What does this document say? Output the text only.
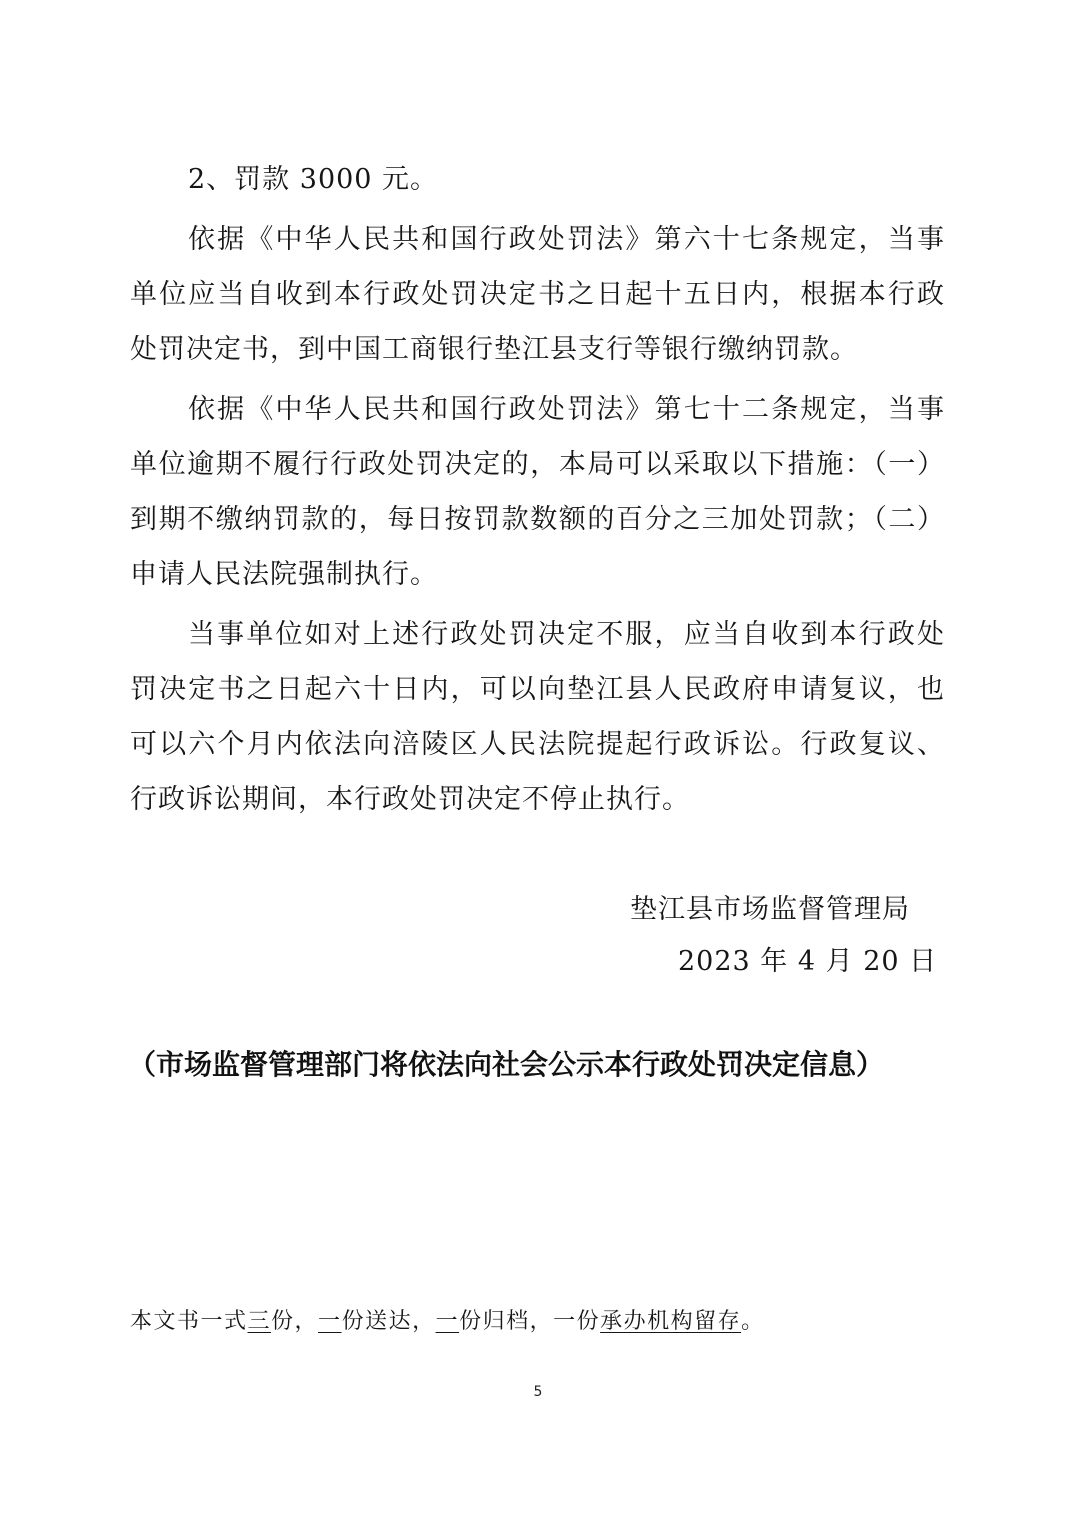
2、罚款 3000 元。
依据《中华人民共和国行政处罚法》第六十七条规定，当事
单位应当自收到本行政处罚决定书之日起十五日内，根据本行政
处罚决定书，到中国工商银行垫江县支行等银行缴纳罚款。
依据《中华人民共和国行政处罚法》第七十二条规定，当事
单位逾期不履行行政处罚决定的，本局可以采取以下措施：（一）
到期不缴纳罚款的，每日按罚款数额的百分之三加处罚款；（二）
申请人民法院强制执行。
当事单位如对上述行政处罚决定不服，应当自收到本行政处
罚决定书之日起六十日内，可以向垫江县人民政府申请复议，也
可以六个月内依法向涪陵区人民法院提起行政诉讼。行政复议、
行政诉讼期间，本行政处罚决定不停止执行。
垫江县市场监督管理局
2023 年 4 月 20 日
（市场监督管理部门将依法向社会公示本行政处罚决定信息）
本文书一式三份，一份送达，一份归档，一份承办机构留存。
5
